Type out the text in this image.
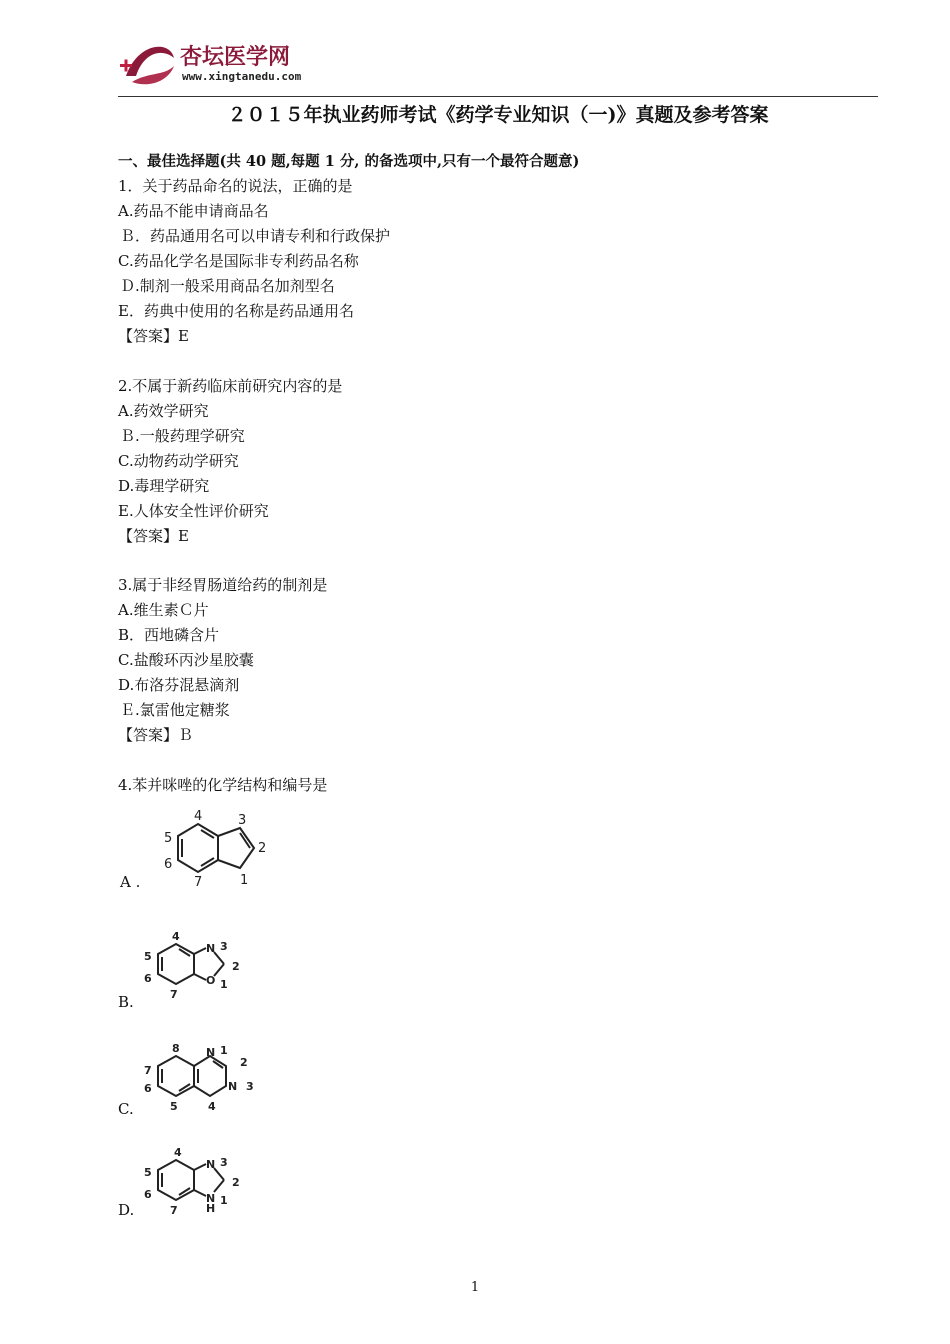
杏坛医学网
www.xingtanedu.com
２０１５年执业药师考试《药学专业知识（一)》真题及参考答案
一、最佳选择题(共 40 题,每题 1 分, 的备选项中,只有一个最符合题意)
1．关于药品命名的说法，正确的是
A.药品不能申请商品名
Ｂ．药品通用名可以申请专利和行政保护
C.药品化学名是国际非专利药品名称
Ｄ.制剂一般采用商品名加剂型名
E．药典中使用的名称是药品通用名
【答案】E
2.不属于新药临床前研究内容的是
A.药效学研究
Ｂ.一般药理学研究
C.动物药动学研究
D.毒理学研究
E.人体安全性评价研究
【答案】E
3.属于非经胃肠道给药的制剂是
A.维生素Ｃ片
B．西地磷含片
C.盐酸环丙沙星胶囊
D.布洛芬混悬滴剂
Ｅ.氯雷他定糖浆
【答案】Ｂ
4.苯并咪唑的化学结构和编号是
A .
4	3
5
2
6
7	1
B.
4
N 3
5
2
6
7
O 1
C.
8 N 1
2
7
6	N 3
5	4
D.
4
N 3
5
2
6
7	H
N 1
1
